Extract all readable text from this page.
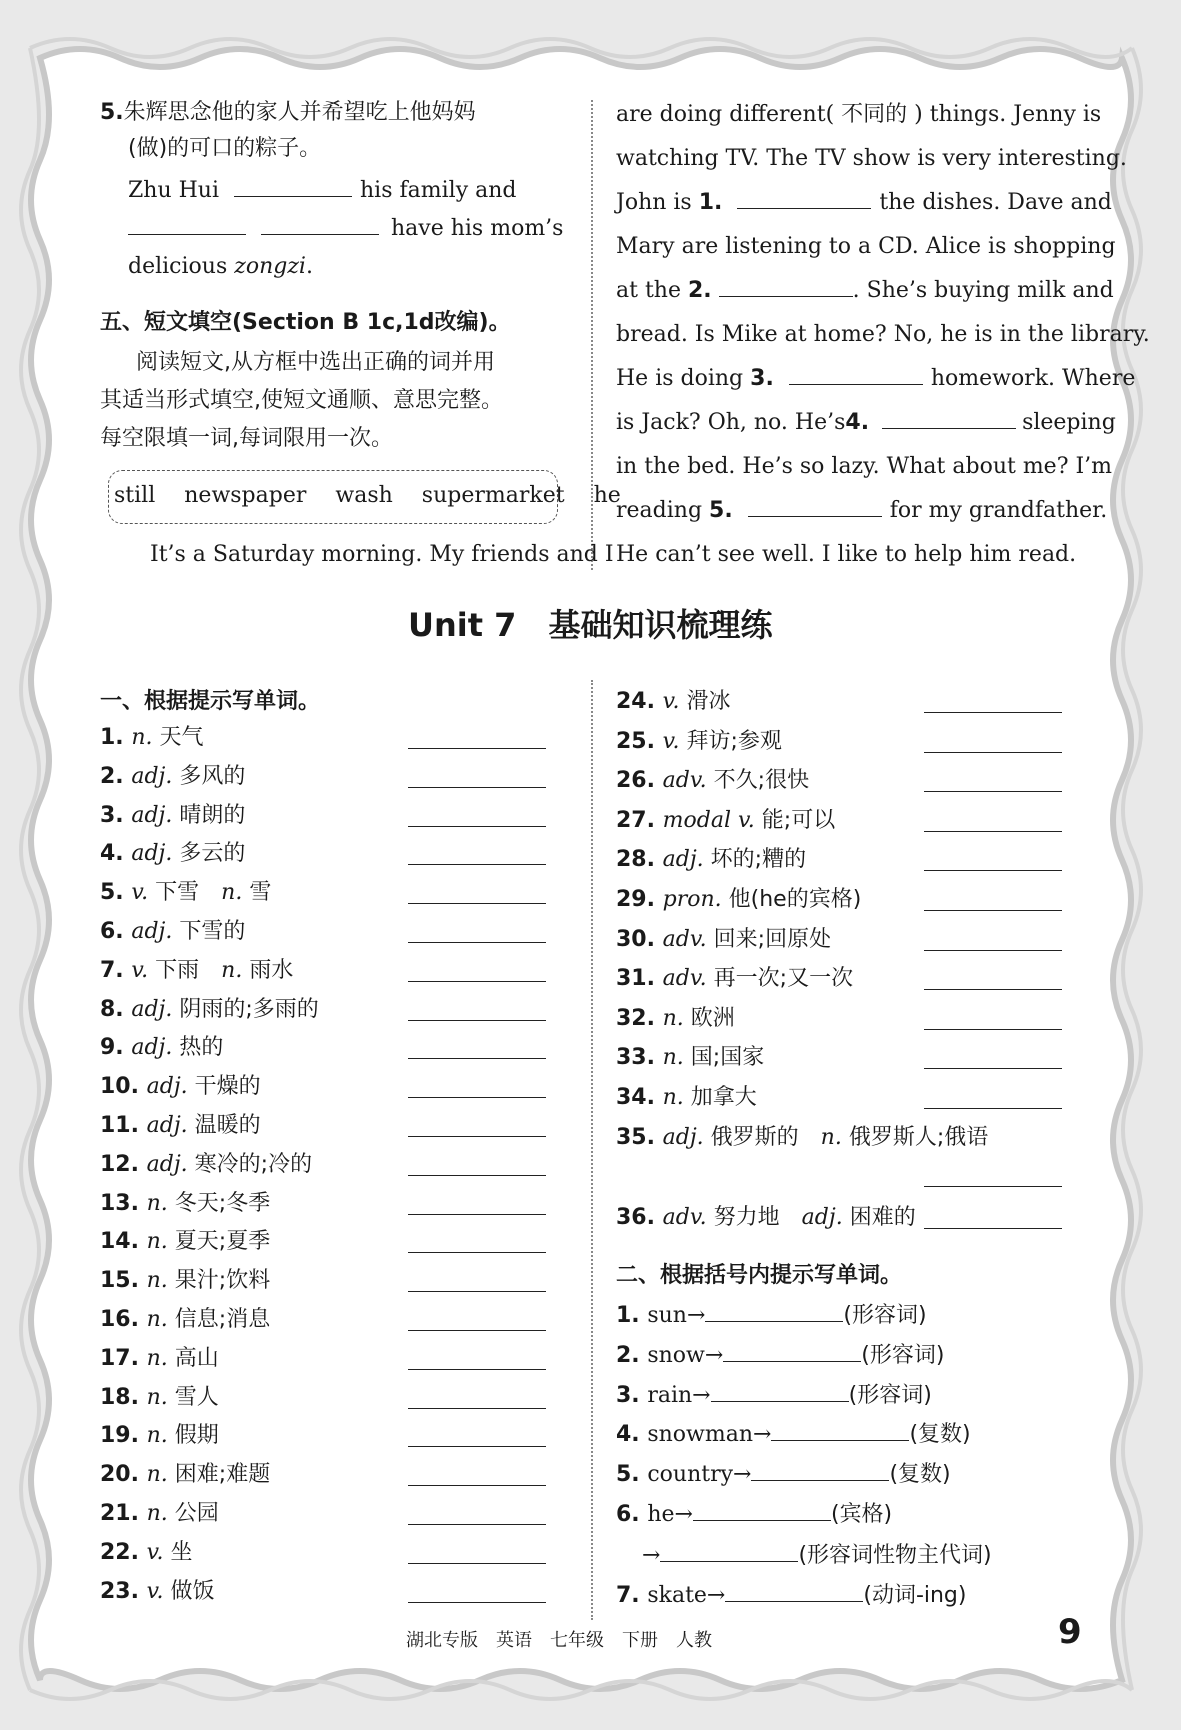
5.朱辉思念他的家人并希望吃上他妈妈
(做)的可口的粽子。
Zhu Hui	his family and
have his mom’s
delicious zongzi.
五、短文填空(Section B 1c,1d改编)。
阅读短文,从方框中选出正确的词并用
其适当形式填空,使短文通顺、意思完整。
每空限填一词,每词限用一次。
still newspaper wash supermarket he
It’s a Saturday morning. My friends and I
are doing different( 不同的 ) things. Jenny is
watching TV. The TV show is very interesting.
John is 1.	the dishes. Dave and
Mary are listening to a CD. Alice is shopping
at the 2.	. She’s buying milk and
bread. Is Mike at home? No, he is in the library.
He is doing 3.	homework. Where
is Jack? Oh, no. He’s4.	sleeping
in the bed. He’s so lazy. What about me? I’m
reading 5.	for my grandfather.
He can’t see well. I like to help him read.
Unit 7　基础知识梳理练
一、根据提示写单词。
1. n. 天气
2. adj. 多风的
3. adj. 晴朗的
4. adj. 多云的
5. v. 下雪　n. 雪
6. adj. 下雪的
7. v. 下雨　n. 雨水
8. adj. 阴雨的;多雨的
9. adj. 热的
10. adj. 干燥的
11. adj. 温暖的
12. adj. 寒冷的;冷的
13. n. 冬天;冬季
14. n. 夏天;夏季
15. n. 果汁;饮料
16. n. 信息;消息
17. n. 高山
18. n. 雪人
19. n. 假期
20. n. 困难;难题
21. n. 公园
22. v. 坐
23. v. 做饭
24. v. 滑冰
25. v. 拜访;参观
26. adv. 不久;很快
27. modal v. 能;可以
28. adj. 坏的;糟的
29. pron. 他(he的宾格)
30. adv. 回来;回原处
31. adv. 再一次;又一次
32. n. 欧洲
33. n. 国;国家
34. n. 加拿大
35. adj. 俄罗斯的　n. 俄罗斯人;俄语
36. adv. 努力地　adj. 困难的
二、根据括号内提示写单词。
1. sun→	(形容词)
2. snow→	(形容词)
3. rain→	(形容词)
4. snowman→	(复数)
5. country→	(复数)
6. he→	(宾格)
→	(形容词性物主代词)
7. skate→	(动词-ing)
湖北专版　英语　七年级　下册　人教	9
